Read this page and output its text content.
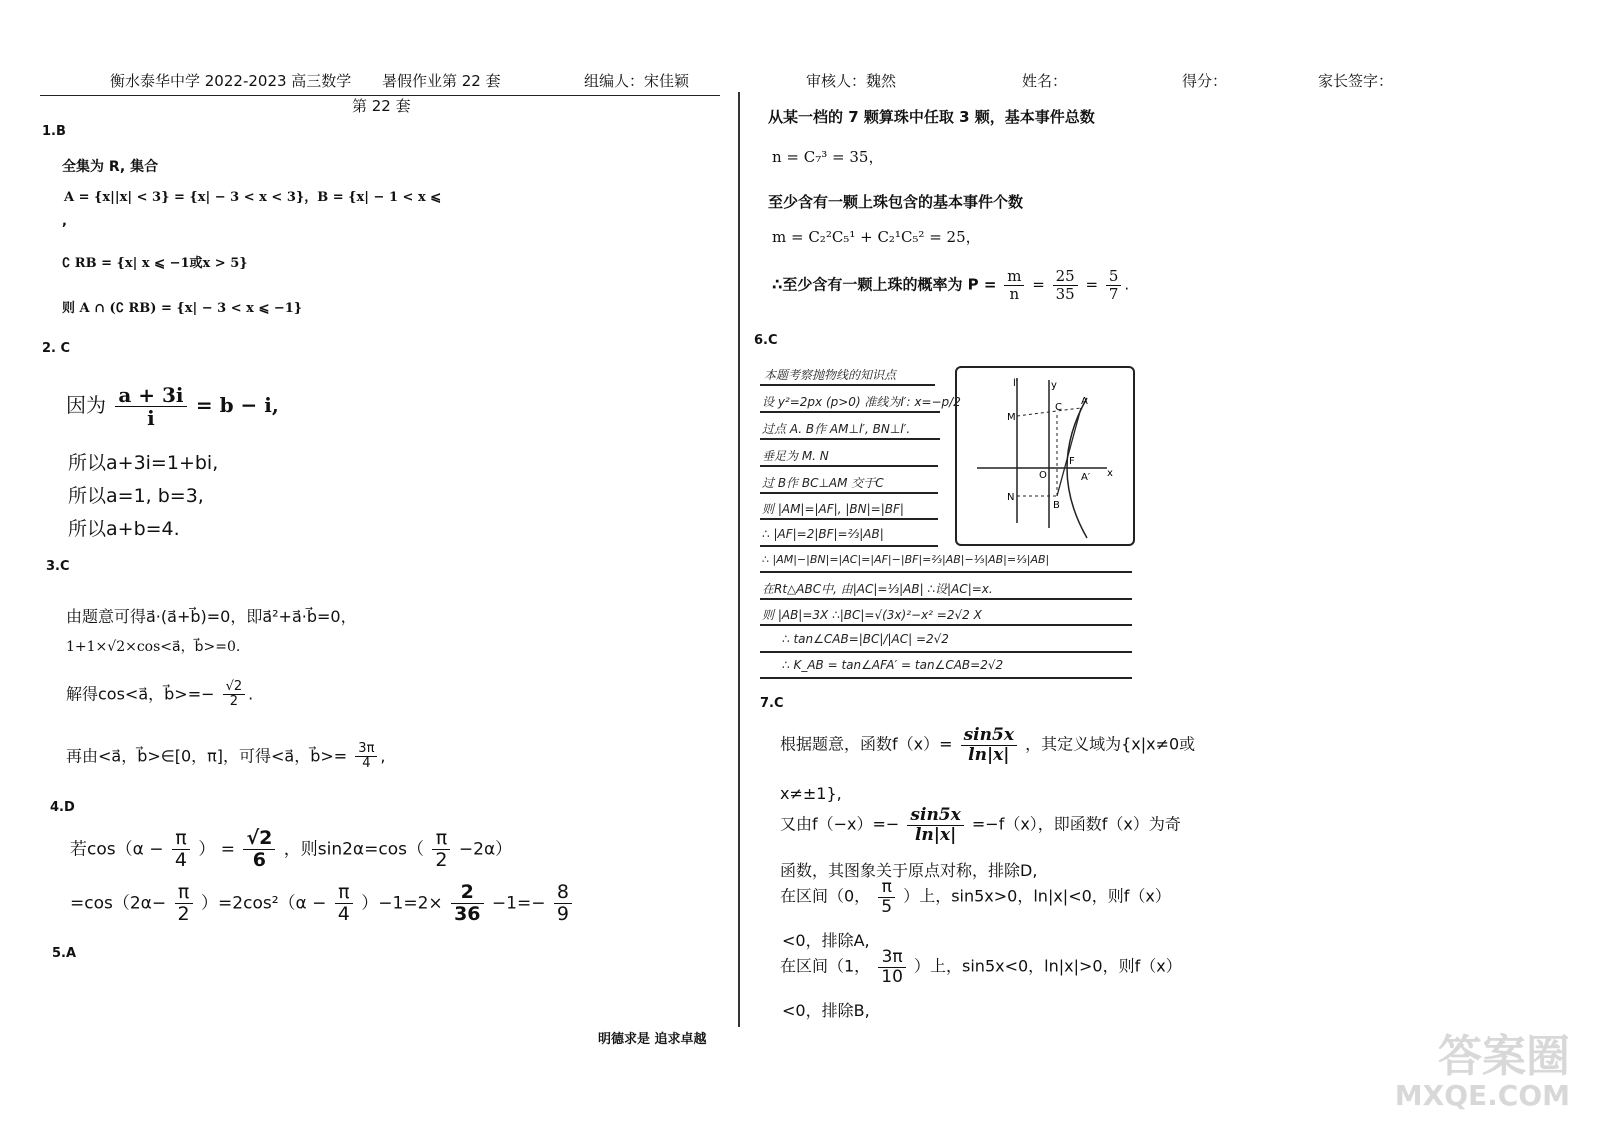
衡水泰华中学 2022-2023 高三数学 暑假作业第 22 套	组编人：宋佳颖	审核人：魏然	姓名：	得分：	家长签字：
第 22 套
1.B
全集为 R, 集合
A = {x||x| < 3} = {x| − 3 < x < 3}，B = {x| − 1 < x ⩽
,
∁ RB = {x| x ⩽ −1或x > 5}
则 A ∩ (∁ RB) = {x| − 3 < x ⩽ −1}
2. C
因为 $\frac{a + 3i}{i} = b - i$,
所以a+3i=1+bi,
所以a=1, b=3,
所以a+b=4.
3.C
由题意可得a⃗·(a⃗+b⃗)=0，即a⃗²+a⃗·b⃗=0，
1+1×√2×cos<a⃗，b⃗>=0.
解得cos<a⃗，b⃗>=− $\frac{√2}{2}$ .
再由<a⃗，b⃗>∈[0，π]，可得<a⃗，b⃗>= $\frac{3\pi}{4}$ ,
4.D
若$\cos(\alpha - \frac{\pi}{4}$ ） = $\frac{√2}{6}$ ，则$\sin 2\alpha=\cos( \frac{\pi}{2} -2\alpha)$
$=\cos(2\alpha- \frac{\pi}{2} )=2\cos^2(\alpha - \frac{\pi}{4} )-1=2\times \frac{2}{36} -1=- \frac{8}{9}$
5.A
从某一档的 7 颗算珠中任取 3 颗，基本事件总数
n = C₇³ = 35，
至少含有一颗上珠包含的基本事件个数
m = C₂²C₅¹ + C₂¹C₅² = 25，
∴至少含有一颗上珠的概率为 $P = \frac{m}{n} = \frac{25}{35} = \frac{5}{7}$ .
6.C
本题考察抛物线的知识点
设 y²=2px (p>0) 准线为l′: x=−p/2
过点 A. B作 AM⊥l′, BN⊥l′.
垂足为 M. N
过 B作 BC⊥AM 交于C
则 |AM|=|AF|, |BN|=|BF|
∴ |AF|=2|BF|=⅔|AB|
∴ |AM|−|BN|=|AC|=|AF|−|BF|=⅔|AB|−⅓|AB|=⅓|AB|
在Rt△ABC中, 由|AC|=⅓|AB| ∴设|AC|=x.
则 |AB|=3X ∴|BC|=√(3x)²−x² =2√2 X
∴ tan∠CAB=|BC|/|AC| =2√2
∴ K_AB = tan∠AFA′ = tan∠CAB=2√2
l′	y
x
M
N
C
A
O
F
B
A′
7.C
根据题意，函数$f(x)= \frac{\sin 5x}{\ln|x|}$ ，其定义域为{x|x≠0或
x≠±1},
又由$f(-x)=- \frac{\sin 5x}{\ln|x|} =-f(x)$，即函数f（x）为奇
函数，其图象关于原点对称，排除D,
在区间（0， $\frac{\pi}{5}$ ）上，sin5x>0，ln|x|<0，则f（x）
<0，排除A,
在区间（1， $\frac{3\pi}{10}$ ）上，sin5x<0，ln|x|>0，则f（x）
<0，排除B,
明德求是 追求卓越	答案圈
MXQE.COM
